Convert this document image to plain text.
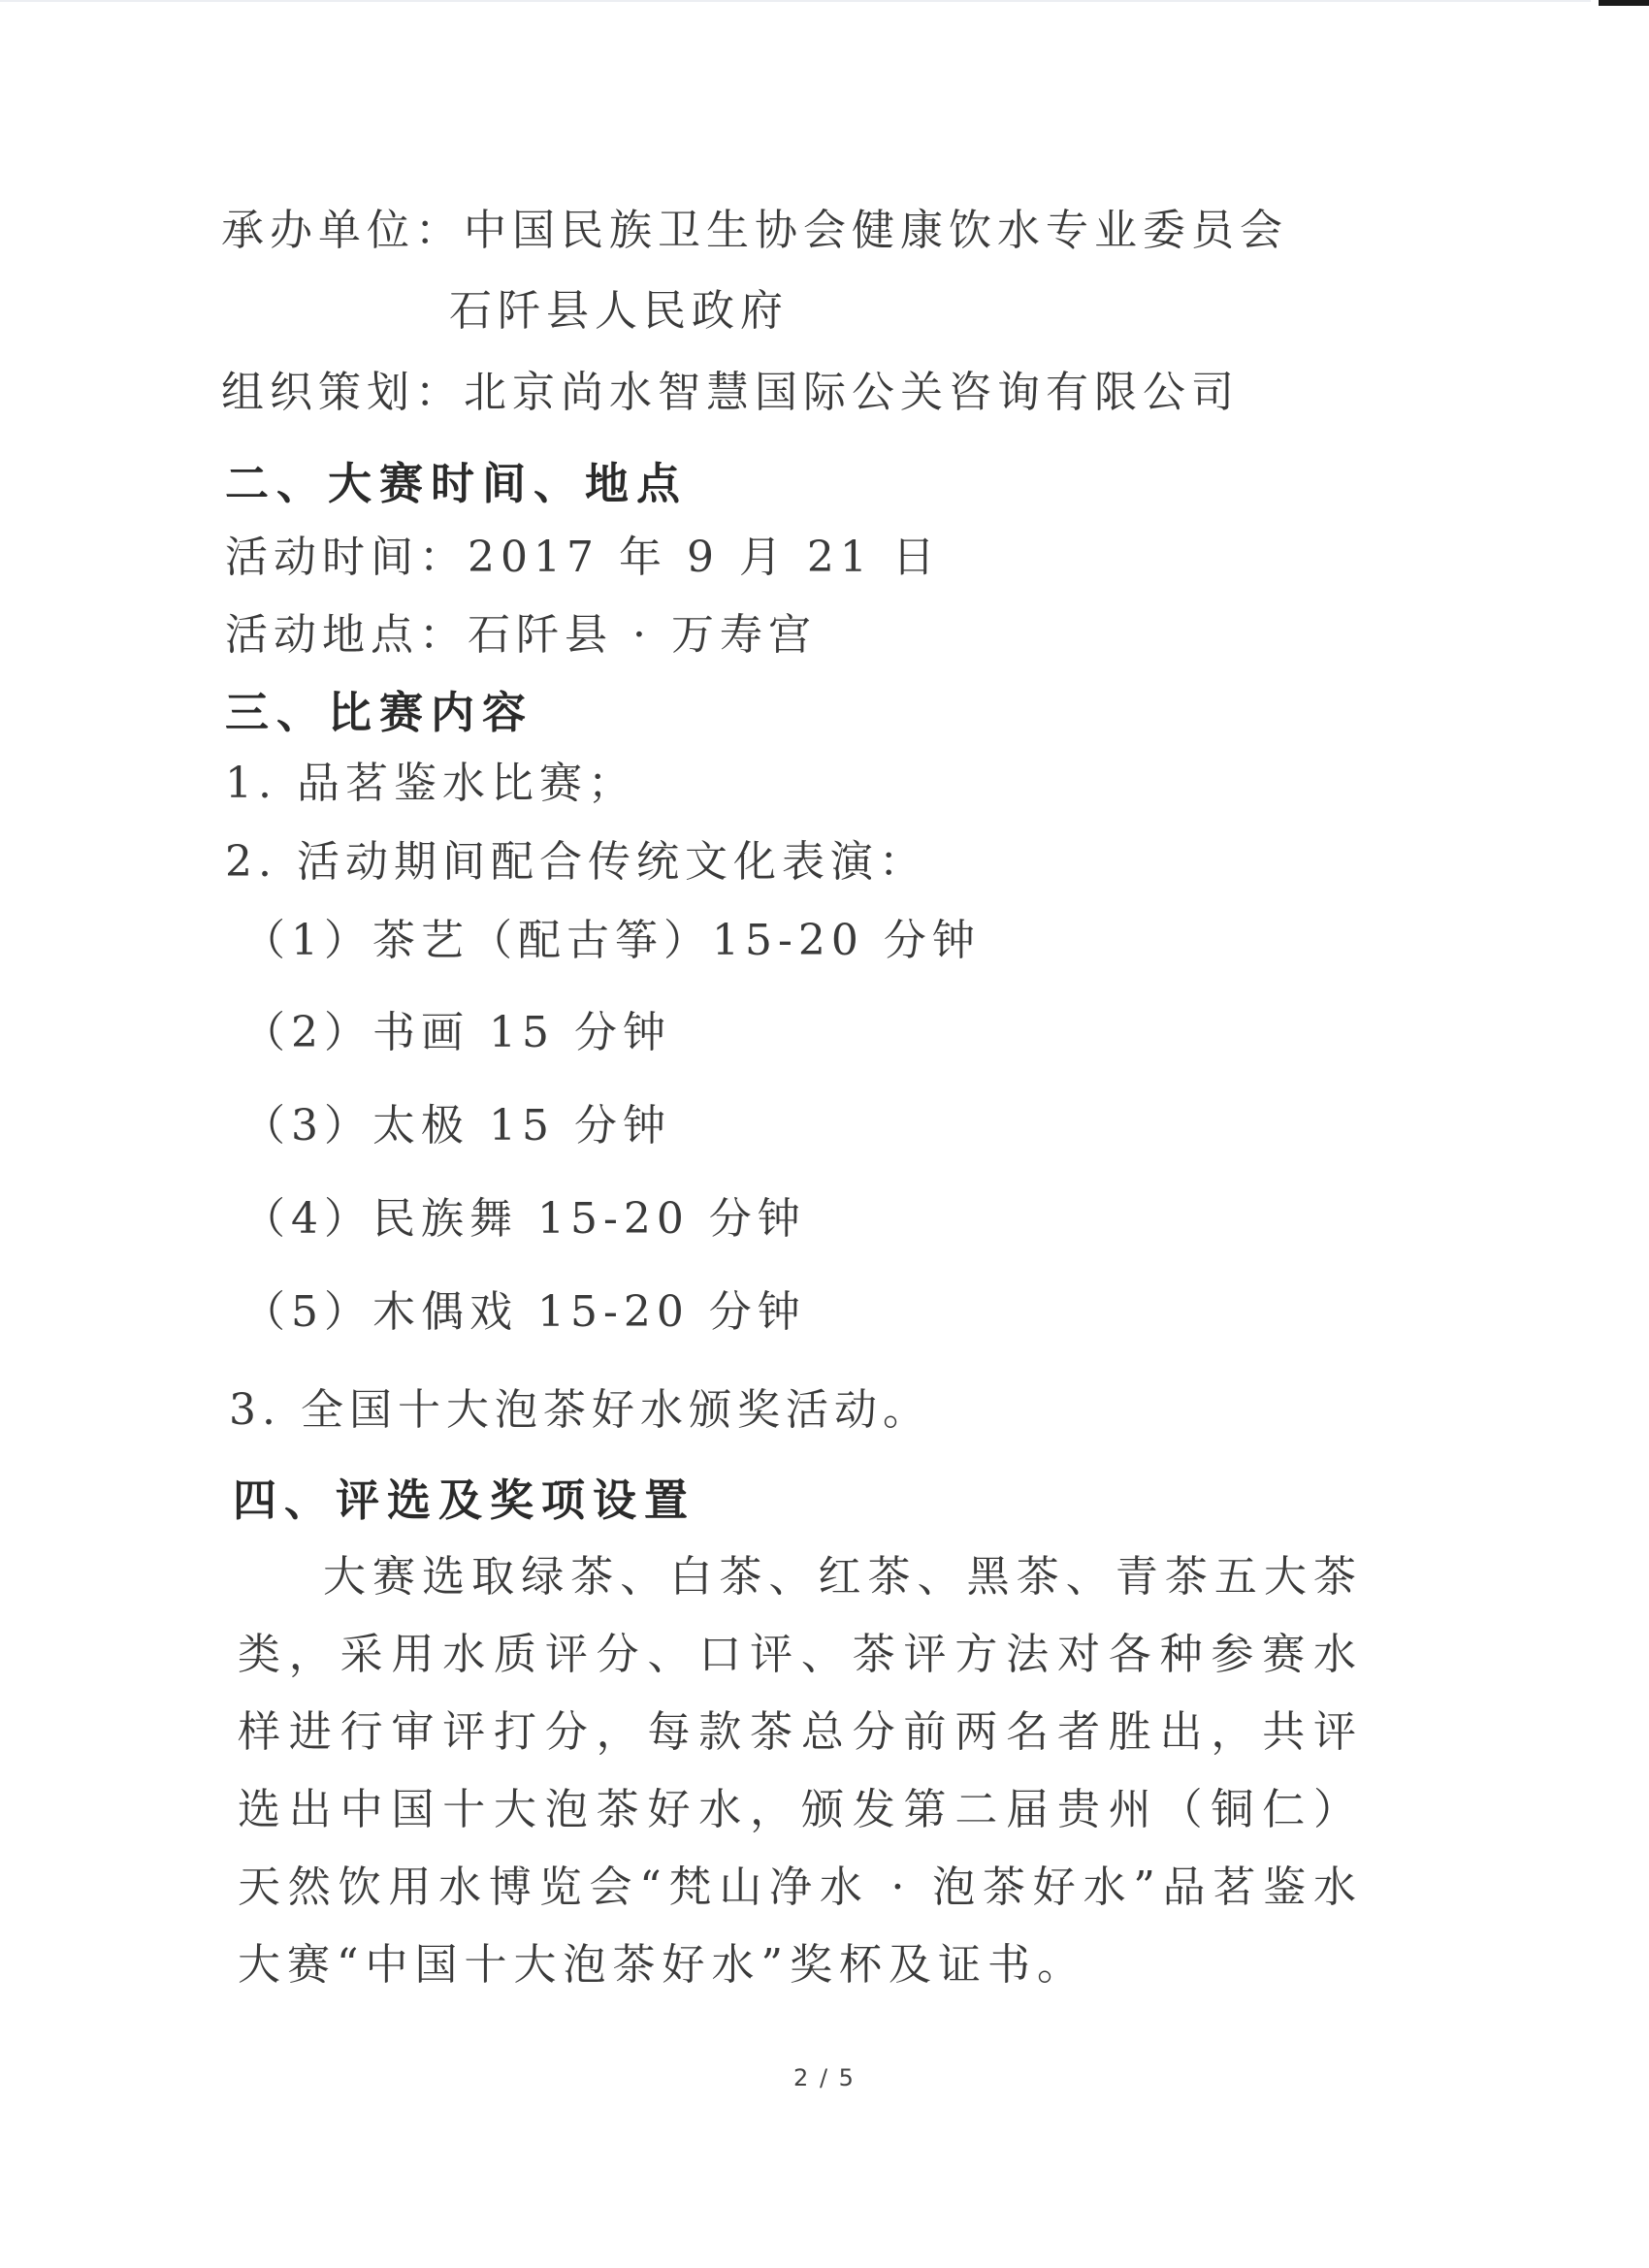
承办单位：中国民族卫生协会健康饮水专业委员会
石阡县人民政府
组织策划：北京尚水智慧国际公关咨询有限公司
二、大赛时间、地点
活动时间：2017 年 9 月 21 日
活动地点：石阡县 · 万寿宫
三、比赛内容
1. 品茗鉴水比赛；
2. 活动期间配合传统文化表演：
（1）茶艺（配古筝）15-20 分钟
（2）书画 15 分钟
（3）太极 15 分钟
（4）民族舞 15-20 分钟
（5）木偶戏 15-20 分钟
3. 全国十大泡茶好水颁奖活动。
四、评选及奖项设置
大赛选取绿茶、白茶、红茶、黑茶、青茶五大茶类，采用水质评分、口评、茶评方法对各种参赛水样进行审评打分，每款茶总分前两名者胜出，共评选出中国十大泡茶好水，颁发第二届贵州（铜仁）天然饮用水博览会“梵山净水 · 泡茶好水”品茗鉴水大赛“中国十大泡茶好水”奖杯及证书。
2 / 5
